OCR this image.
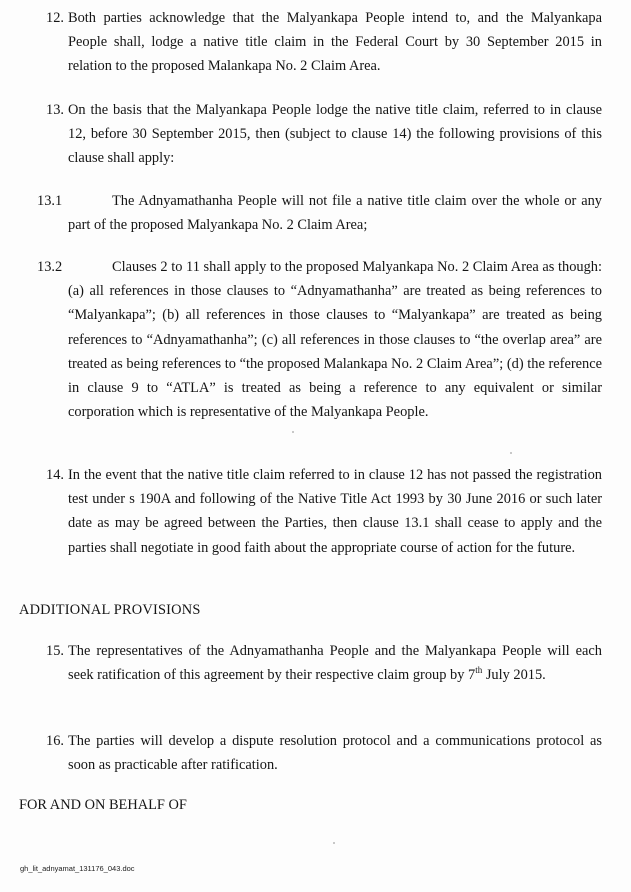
12. Both parties acknowledge that the Malyankapa People intend to, and the Malyankapa People shall, lodge a native title claim in the Federal Court by 30 September 2015 in relation to the proposed Malankapa No. 2 Claim Area.
13. On the basis that the Malyankapa People lodge the native title claim, referred to in clause 12, before 30 September 2015, then (subject to clause 14) the following provisions of this clause shall apply:
13.1	The Adnyamathanha People will not file a native title claim over the whole or any part of the proposed Malyankapa No. 2 Claim Area;
13.2	Clauses 2 to 11 shall apply to the proposed Malyankapa No. 2 Claim Area as though: (a) all references in those clauses to “Adnyamathanha” are treated as being references to “Malyankapa”; (b) all references in those clauses to “Malyankapa” are treated as being references to “Adnyamathanha”; (c) all references in those clauses to “the overlap area” are treated as being references to “the proposed Malankapa No. 2 Claim Area”; (d) the reference in clause 9 to “ATLA” is treated as being a reference to any equivalent or similar corporation which is representative of the Malyankapa People.
14. In the event that the native title claim referred to in clause 12 has not passed the registration test under s 190A and following of the Native Title Act 1993 by 30 June 2016 or such later date as may be agreed between the Parties, then clause 13.1 shall cease to apply and the parties shall negotiate in good faith about the appropriate course of action for the future.
ADDITIONAL PROVISIONS
15. The representatives of the Adnyamathanha People and the Malyankapa People will each seek ratification of this agreement by their respective claim group by 7th July 2015.
16. The parties will develop a dispute resolution protocol and a communications protocol as soon as practicable after ratification.
FOR AND ON BEHALF OF
gh_lit_adnyamat_131176_043.doc
